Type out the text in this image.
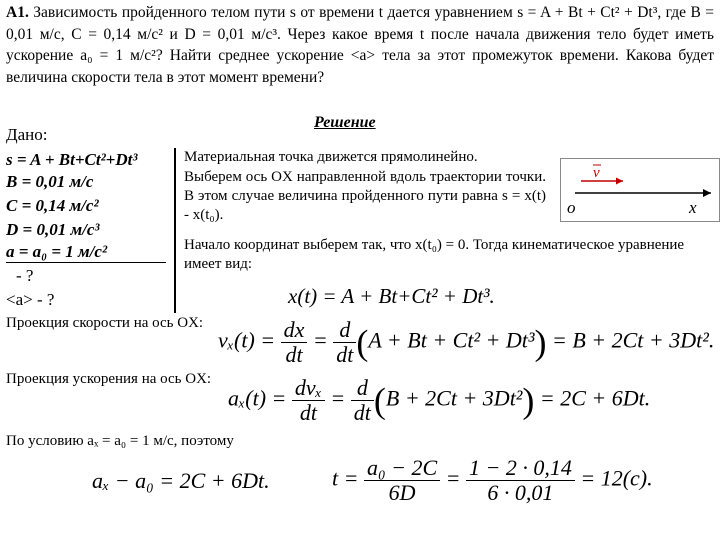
А1. Зависимость пройденного телом пути s от времени t дается уравнением s = A + Bt + Ct² + Dt³, где B = 0,01 м/с, C = 0,14 м/с² и D = 0,01 м/с³. Через какое время t после начала движения тело будет иметь ускорение a₀ = 1 м/с²? Найти среднее ускорение <a> тела за этот промежуток времени. Какова будет величина скорости тела в этот момент времени?
Решение
Дано:
s = A + Bt+Ct²+Dt³
B = 0,01 м/с
C = 0,14 м/с²
D = 0,01 м/с³
a = a₀ = 1 м/с²
- ?
<a> - ?
Материальная точка движется прямолинейно.
Выберем ось OX направленной вдоль траектории точки. В этом случае величина пройденного пути равна s = x(t) - x(t₀).
Начало координат выберем так, что x(t₀) = 0. Тогда кинематическое уравнение имеет вид:
v
o	x
x(t) = A + Bt+Ct² + Dt³.
Проекция скорости на ось OX:
$v_x(t) = \frac{dx}{dt} = \frac{d}{dt} (A + Bt + Ct^2 + Dt^3) = B + 2Ct + 3Dt^2$.
Проекция ускорения на ось OX:
$a_x(t) = \frac{\text{dvₓ}}{dt} = \frac{d}{dt} (B + 2Ct + 3Dt^2) = 2C + 6Dt$.
По условию aₓ = a₀ = 1 м/с, поэтому
aₓ − a₀ = 2C + 6Dt.	$t = \frac{\text{a₀ − 2C}}{6D} = \frac{1 - 2 \cdot 0,14}{6 \cdot 0,01} = 12(c)$.
